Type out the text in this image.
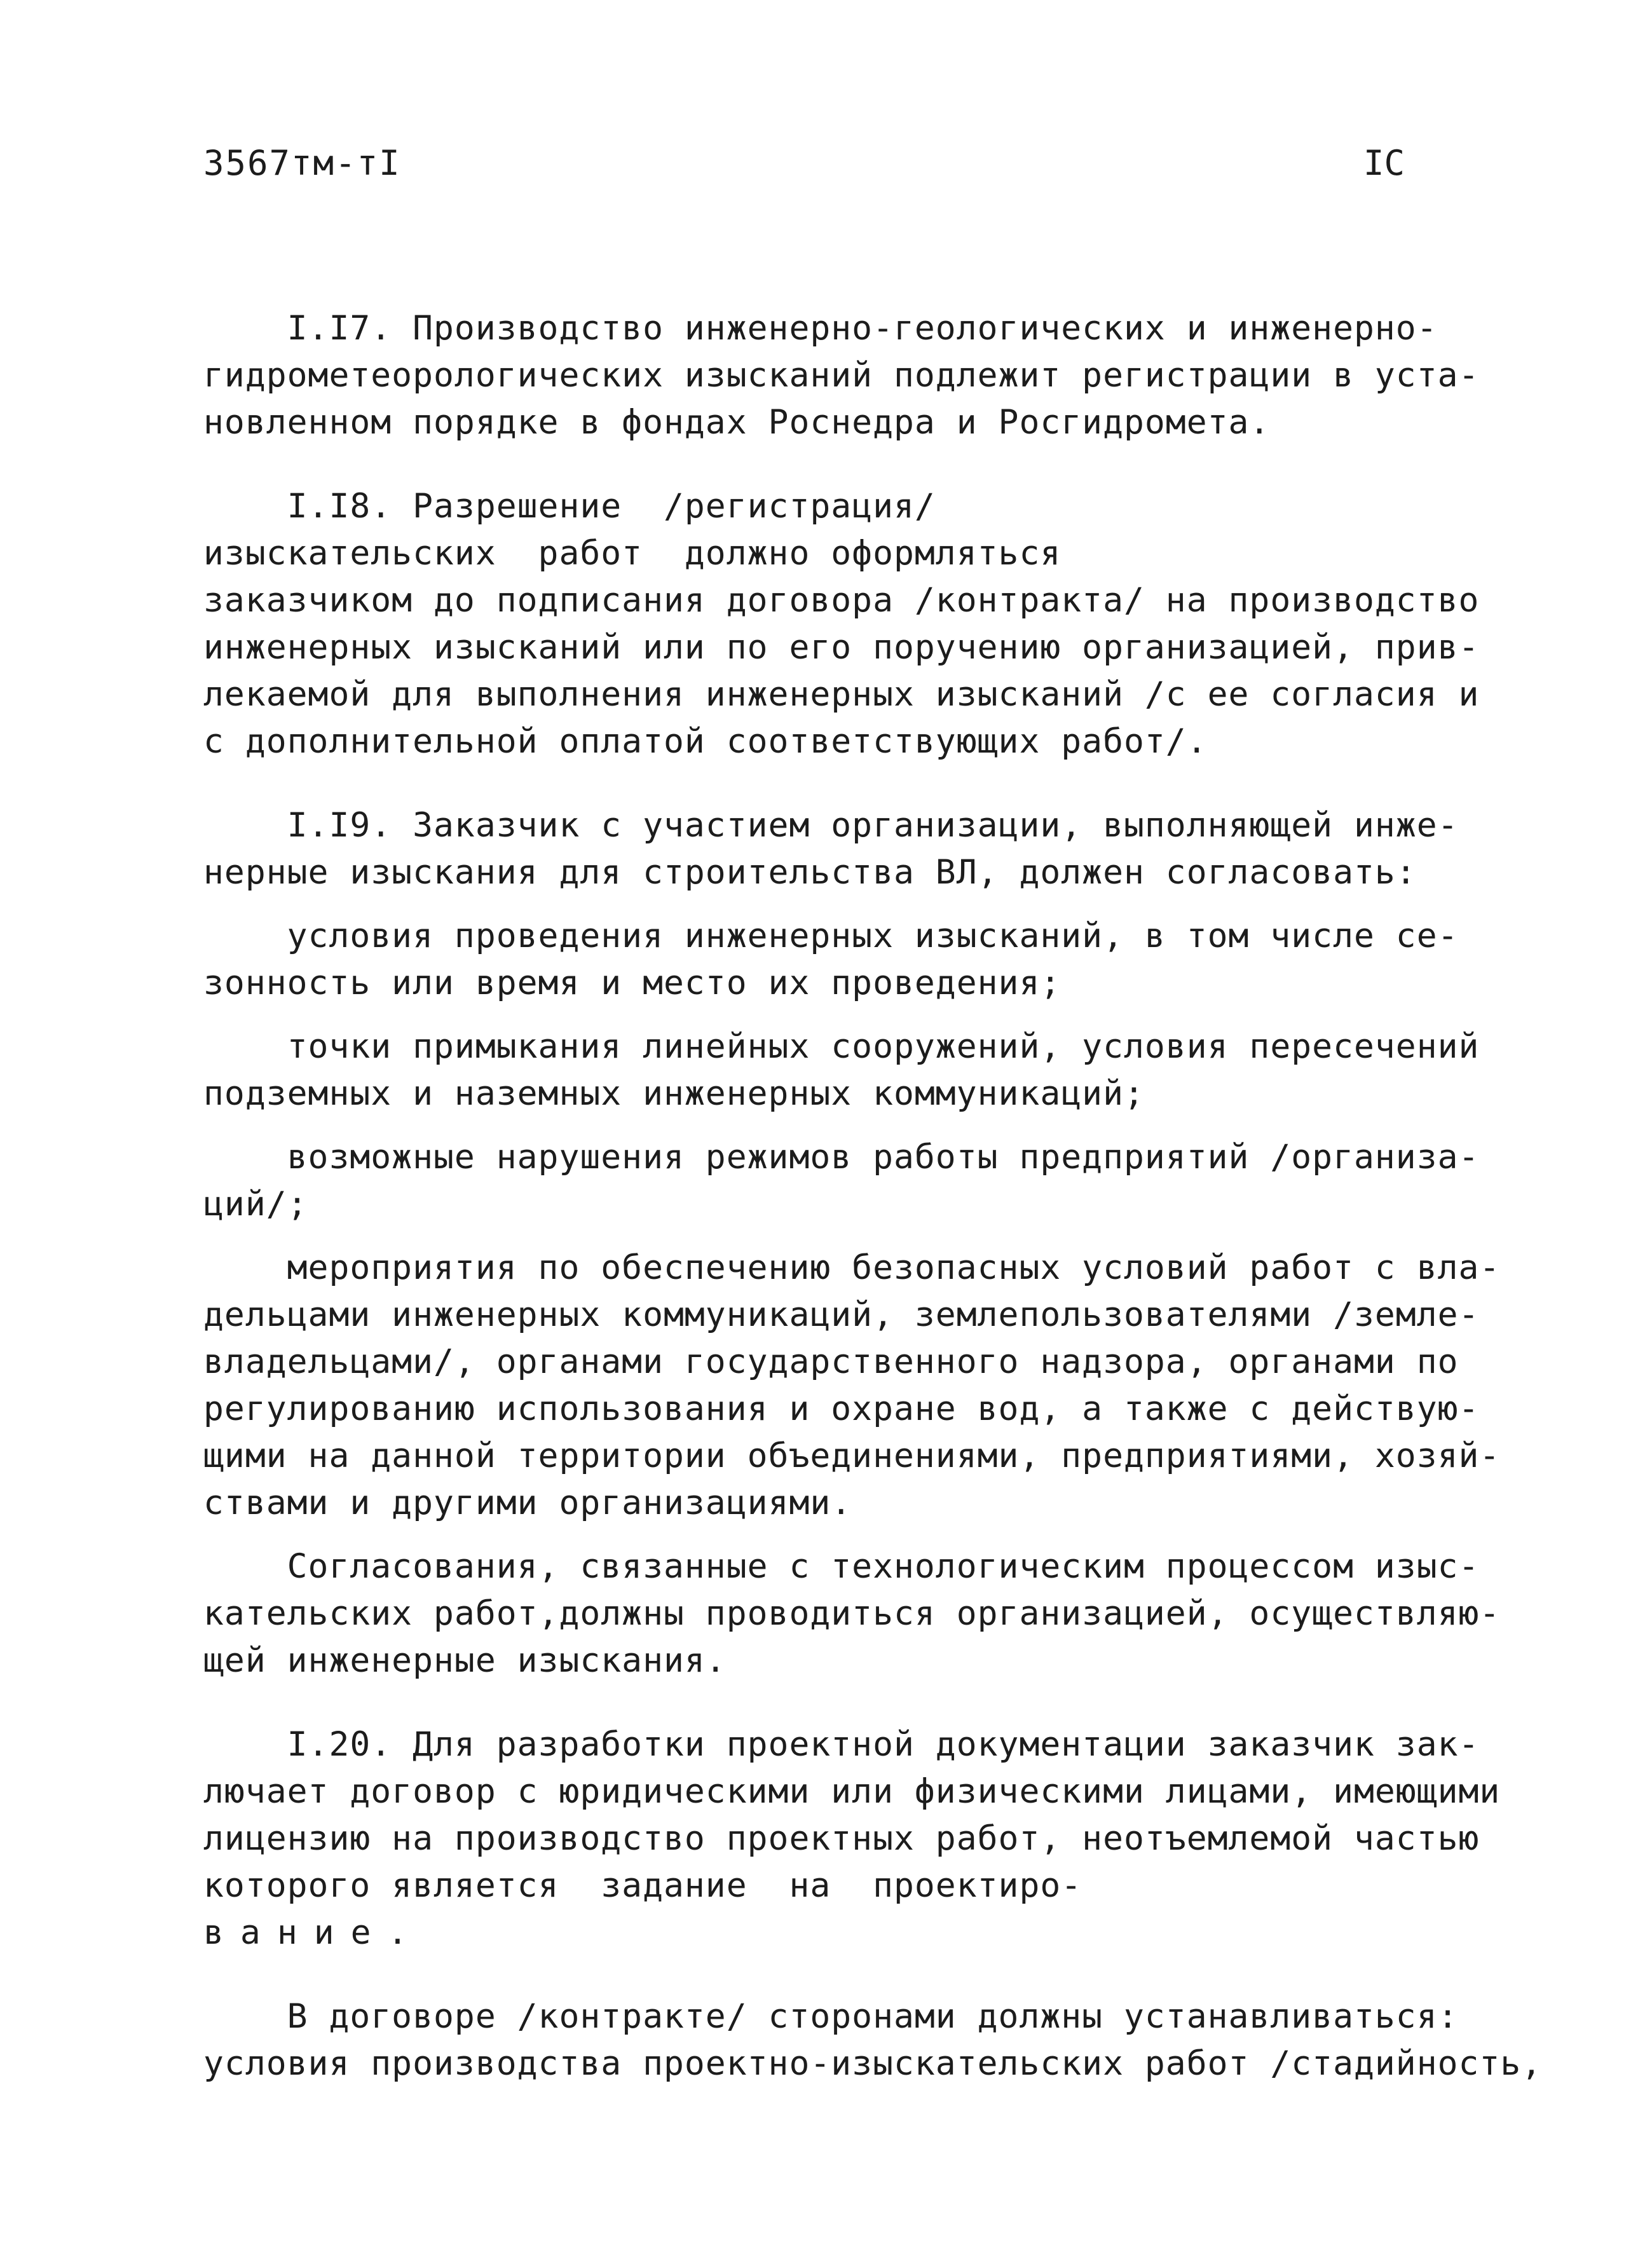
3567тм-тI	IC
I.I7. Производство инженерно-геологических и инженерно-
гидрометеорологических изысканий подлежит регистрации в уста-
новленном порядке в фондах Роснедра и Росгидромета.
I.I8. Разрешение  /регистрация/
изыскательских  работ  должно оформляться
заказчиком до подписания договора /контракта/ на производство
инженерных изысканий или по его поручению организацией, прив-
лекаемой для выполнения инженерных изысканий /с ее согласия и
с дополнительной оплатой соответствующих работ/.
I.I9. Заказчик с участием организации, выполняющей инже-
нерные изыскания для строительства ВЛ, должен согласовать:
условия проведения инженерных изысканий, в том числе се-
зонность или время и место их проведения;
точки примыкания линейных сооружений, условия пересечений
подземных и наземных инженерных коммуникаций;
возможные нарушения режимов работы предприятий /организа-
ций/;
мероприятия по обеспечению безопасных условий работ с вла-
дельцами инженерных коммуникаций, землепользователями /земле-
владельцами/, органами государственного надзора, органами по
регулированию использования и охране вод, а также с действую-
щими на данной территории объединениями, предприятиями, хозяй-
ствами и другими организациями.
Согласования, связанные с технологическим процессом изыс-
кательских работ,должны проводиться организацией, осуществляю-
щей инженерные изыскания.
I.20. Для разработки проектной документации заказчик зак-
лючает договор с юридическими или физическими лицами, имеющими
лицензию на производство проектных работ, неотъемлемой частью
которого является  задание  на  проектиро-
вание.
В договоре /контракте/ сторонами должны устанавливаться:
условия производства проектно-изыскательских работ /стадийность,
